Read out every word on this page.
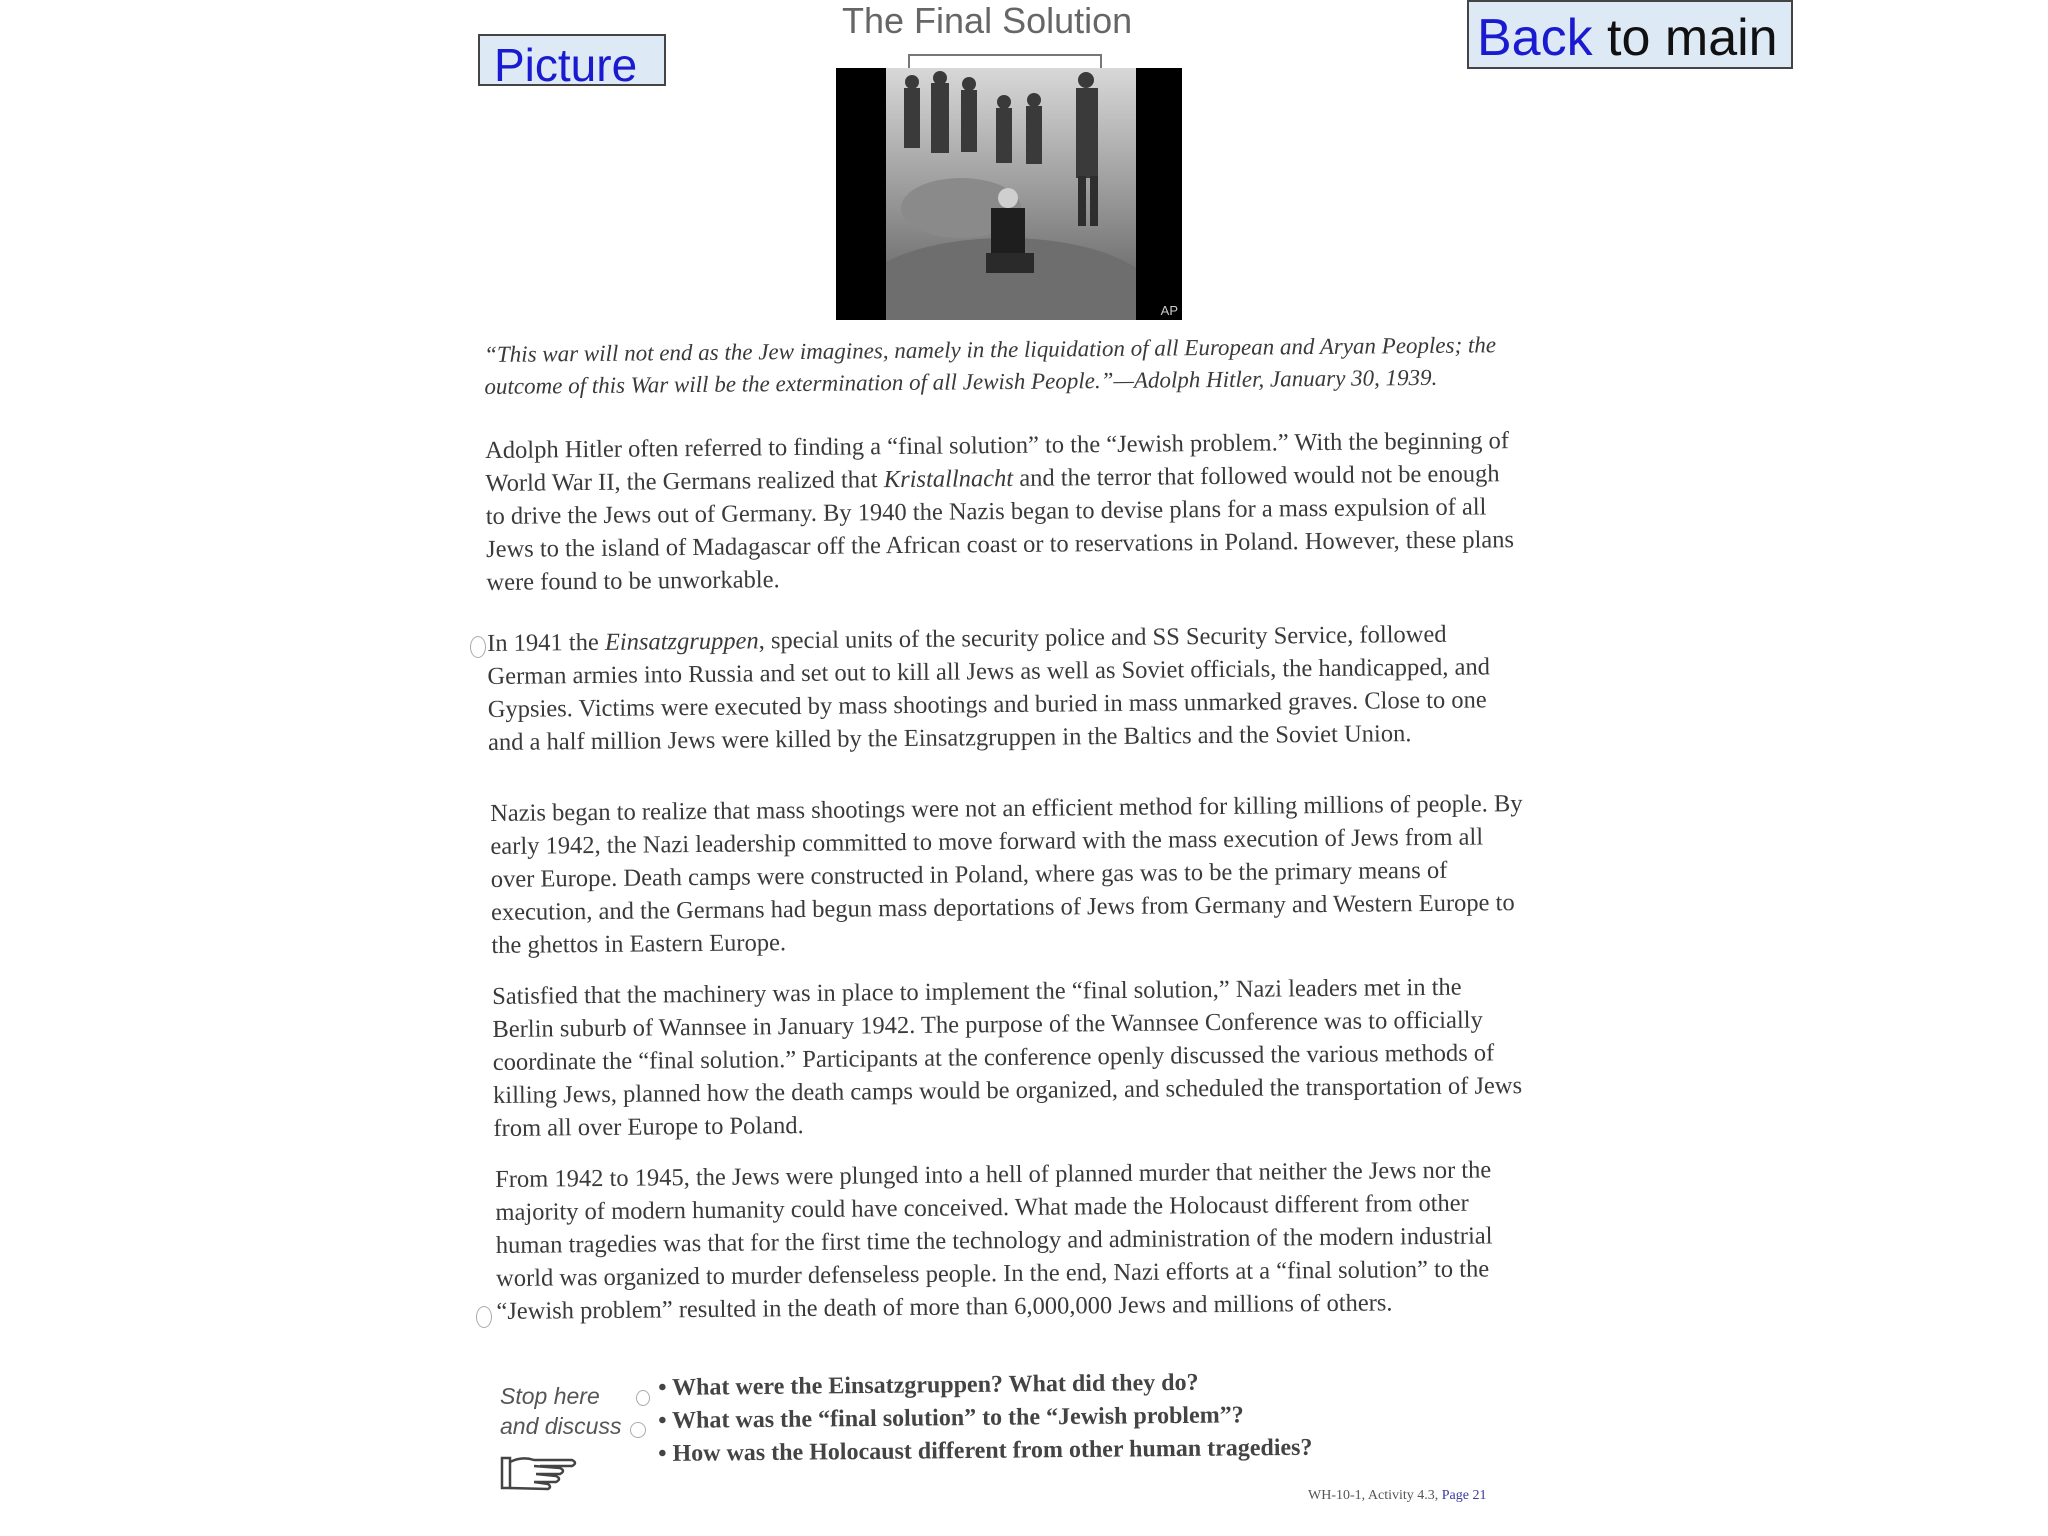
Picture	Back to main
The Final Solution
AP

“This war will not end as the Jew imagines, namely in the liquidation of all European and Aryan Peoples; the outcome of this War will be the extermination of all Jewish People.”—Adolph Hitler, January 30, 1939.

Adolph Hitler often referred to finding a “final solution” to the “Jewish problem.” With the beginning of World War II, the Germans realized that Kristallnacht and the terror that followed would not be enough to drive the Jews out of Germany. By 1940 the Nazis began to devise plans for a mass expulsion of all Jews to the island of Madagascar off the African coast or to reservations in Poland. However, these plans were found to be unworkable.

In 1941 the Einsatzgruppen, special units of the security police and SS Security Service, followed German armies into Russia and set out to kill all Jews as well as Soviet officials, the handicapped, and Gypsies. Victims were executed by mass shootings and buried in mass unmarked graves. Close to one and a half million Jews were killed by the Einsatzgruppen in the Baltics and the Soviet Union.

Nazis began to realize that mass shootings were not an efficient method for killing millions of people. By early 1942, the Nazi leadership committed to move forward with the mass execution of Jews from all over Europe. Death camps were constructed in Poland, where gas was to be the primary means of execution, and the Germans had begun mass deportations of Jews from Germany and Western Europe to the ghettos in Eastern Europe.

Satisfied that the machinery was in place to implement the “final solution,” Nazi leaders met in the Berlin suburb of Wannsee in January 1942. The purpose of the Wannsee Conference was to officially coordinate the “final solution.” Participants at the conference openly discussed the various methods of killing Jews, planned how the death camps would be organized, and scheduled the transportation of Jews from all over Europe to Poland.

From 1942 to 1945, the Jews were plunged into a hell of planned murder that neither the Jews nor the majority of modern humanity could have conceived. What made the Holocaust different from other human tragedies was that for the first time the technology and administration of the modern industrial world was organized to murder defenseless people. In the end, Nazi efforts at a “final solution” to the “Jewish problem” resulted in the death of more than 6,000,000 Jews and millions of others.

Stop here
and discuss
• What were the Einsatzgruppen? What did they do?
• What was the “final solution” to the “Jewish problem”?
• How was the Holocaust different from other human tragedies?
WH-10-1, Activity 4.3, Page 21
